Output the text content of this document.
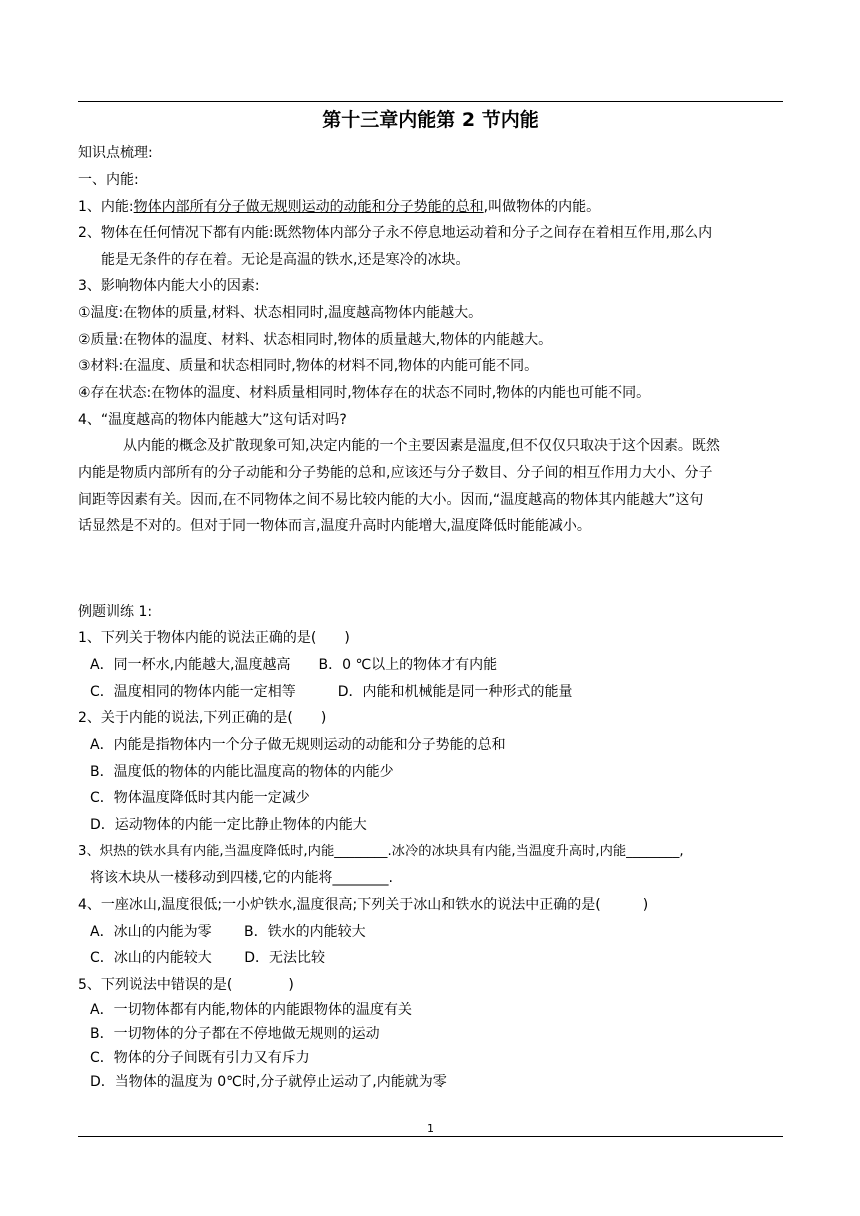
第十三章内能第 2 节内能
知识点梳理:
一、内能:
1、内能:物体内部所有分子做无规则运动的动能和分子势能的总和,叫做物体的内能。
2、物体在任何情况下都有内能:既然物体内部分子永不停息地运动着和分子之间存在着相互作用,那么内
能是无条件的存在着。无论是高温的铁水,还是寒冷的冰块。
3、影响物体内能大小的因素:
①温度:在物体的质量,材料、状态相同时,温度越高物体内能越大。
②质量:在物体的温度、材料、状态相同时,物体的质量越大,物体的内能越大。
③材料:在温度、质量和状态相同时,物体的材料不同,物体的内能可能不同。
④存在状态:在物体的温度、材料质量相同时,物体存在的状态不同时,物体的内能也可能不同。
4、“温度越高的物体内能越大”这句话对吗?
从内能的概念及扩散现象可知,决定内能的一个主要因素是温度,但不仅仅只取决于这个因素。既然
内能是物质内部所有的分子动能和分子势能的总和,应该还与分子数目、分子间的相互作用力大小、分子
间距等因素有关。因而,在不同物体之间不易比较内能的大小。因而,“温度越高的物体其内能越大”这句
话显然是不对的。但对于同一物体而言,温度升高时内能增大,温度降低时能能减小。
例题训练 1:
1、下列关于物体内能的说法正确的是(　　)
A．同一杯水,内能越大,温度越高　　B．0 ℃以上的物体才有内能
C．温度相同的物体内能一定相等　　　D．内能和机械能是同一种形式的能量
2、关于内能的说法,下列正确的是(　　)
A．内能是指物体内一个分子做无规则运动的动能和分子势能的总和
B．温度低的物体的内能比温度高的物体的内能少
C．物体温度降低时其内能一定减少
D．运动物体的内能一定比静止物体的内能大
3、炽热的铁水具有内能,当温度降低时,内能________.冰冷的冰块具有内能,当温度升高时,内能________,
将该木块从一楼移动到四楼,它的内能将________.
4、一座冰山,温度很低;一小炉铁水,温度很高;下列关于冰山和铁水的说法中正确的是(　　　)
A．冰山的内能为零　　 B．铁水的内能较大
C．冰山的内能较大　　 D．无法比较
5、下列说法中错误的是(　　　　)
A．一切物体都有内能,物体的内能跟物体的温度有关
B．一切物体的分子都在不停地做无规则的运动
C．物体的分子间既有引力又有斥力
D．当物体的温度为 0℃时,分子就停止运动了,内能就为零
1
